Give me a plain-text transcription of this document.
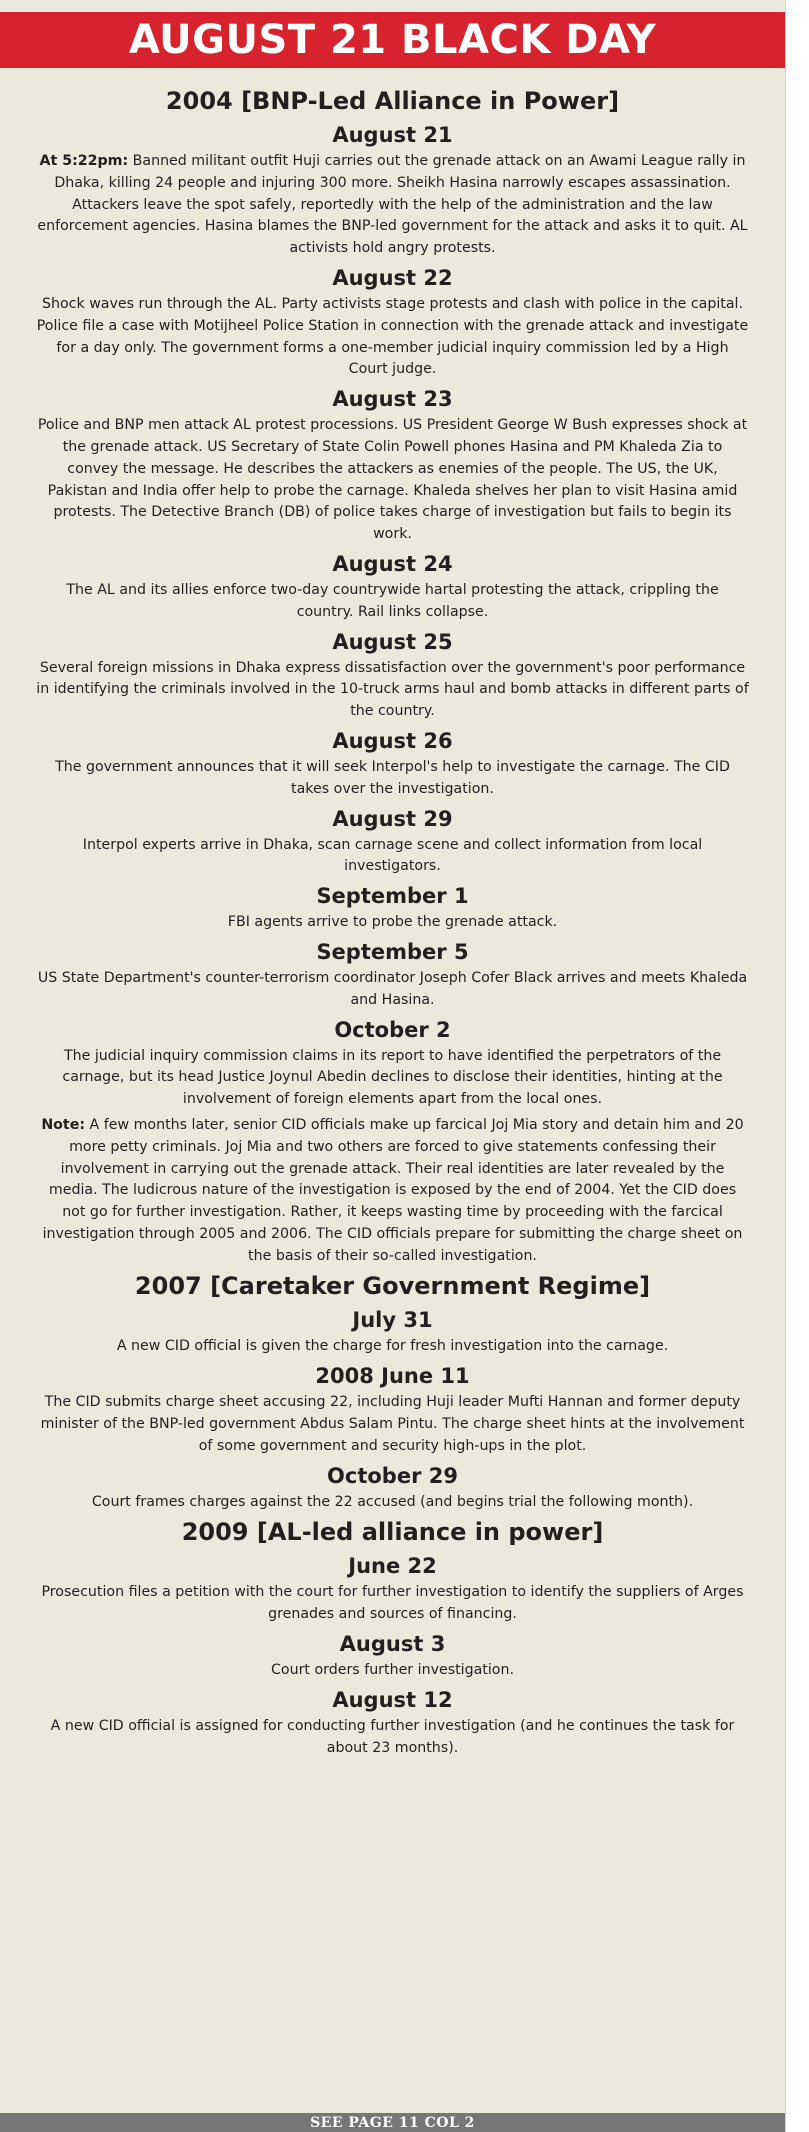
AUGUST 21 BLACK DAY
2004 [BNP-Led Alliance in Power]
August 21
At 5:22pm: Banned militant outfit Huji carries out the grenade attack on an Awami League rally in Dhaka, killing 24 people and injuring 300 more. Sheikh Hasina narrowly escapes assassination. Attackers leave the spot safely, reportedly with the help of the administration and the law enforcement agencies. Hasina blames the BNP-led government for the attack and asks it to quit. AL activists hold angry protests.
August 22
Shock waves run through the AL. Party activists stage protests and clash with police in the capital. Police file a case with Motijheel Police Station in connection with the grenade attack and investigate for a day only. The government forms a one-member judicial inquiry commission led by a High Court judge.
August 23
Police and BNP men attack AL protest processions. US President George W Bush expresses shock at the grenade attack. US Secretary of State Colin Powell phones Hasina and PM Khaleda Zia to convey the message. He describes the attackers as enemies of the people. The US, the UK, Pakistan and India offer help to probe the carnage. Khaleda shelves her plan to visit Hasina amid protests. The Detective Branch (DB) of police takes charge of investigation but fails to begin its work.
August 24
The AL and its allies enforce two-day countrywide hartal protesting the attack, crippling the country. Rail links collapse.
August 25
Several foreign missions in Dhaka express dissatisfaction over the government's poor performance in identifying the criminals involved in the 10-truck arms haul and bomb attacks in different parts of the country.
August 26
The government announces that it will seek Interpol's help to investigate the carnage. The CID takes over the investigation.
August 29
Interpol experts arrive in Dhaka, scan carnage scene and collect information from local investigators.
September 1
FBI agents arrive to probe the grenade attack.
September 5
US State Department's counter-terrorism coordinator Joseph Cofer Black arrives and meets Khaleda and Hasina.
October 2
The judicial inquiry commission claims in its report to have identified the perpetrators of the carnage, but its head Justice Joynul Abedin declines to disclose their identities, hinting at the involvement of foreign elements apart from the local ones.
Note: A few months later, senior CID officials make up farcical Joj Mia story and detain him and 20 more petty criminals. Joj Mia and two others are forced to give statements confessing their involvement in carrying out the grenade attack. Their real identities are later revealed by the media. The ludicrous nature of the investigation is exposed by the end of 2004. Yet the CID does not go for further investigation. Rather, it keeps wasting time by proceeding with the farcical investigation through 2005 and 2006. The CID officials prepare for submitting the charge sheet on the basis of their so-called investigation.
2007 [Caretaker Government Regime]
July 31
A new CID official is given the charge for fresh investigation into the carnage.
2008 June 11
The CID submits charge sheet accusing 22, including Huji leader Mufti Hannan and former deputy minister of the BNP-led government Abdus Salam Pintu. The charge sheet hints at the involvement of some government and security high-ups in the plot.
October 29
Court frames charges against the 22 accused (and begins trial the following month).
2009 [AL-led alliance in power]
June 22
Prosecution files a petition with the court for further investigation to identify the suppliers of Arges grenades and sources of financing.
August 3
Court orders further investigation.
August 12
A new CID official is assigned for conducting further investigation (and he continues the task for about 23 months).
SEE PAGE 11 COL 2
